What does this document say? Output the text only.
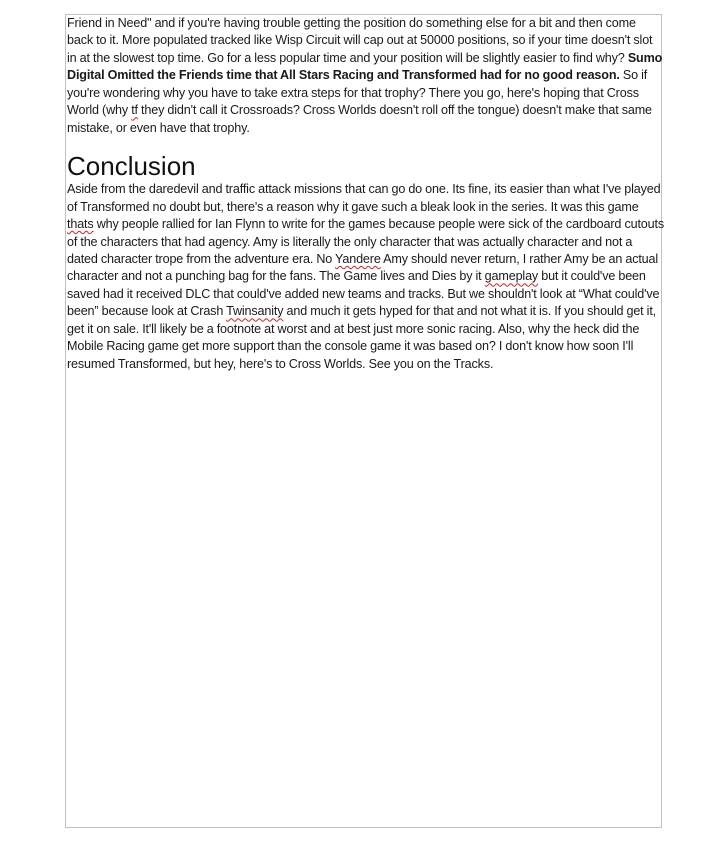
Friend in Need" and if you're having trouble getting the position do something else for a bit and then come back to it. More populated tracked like Wisp Circuit will cap out at 50000 positions, so if your time doesn't slot in at the slowest top time. Go for a less popular time and your position will be slightly easier to find why? Sumo Digital Omitted the Friends time that All Stars Racing and Transformed had for no good reason. So if you're wondering why you have to take extra steps for that trophy? There you go, here's hoping that Cross World (why tf they didn't call it Crossroads? Cross Worlds doesn't roll off the tongue) doesn't make that same mistake, or even have that trophy.

Conclusion

Aside from the daredevil and traffic attack missions that can go do one. Its fine, its easier than what I've played of Transformed no doubt but, there's a reason why it gave such a bleak look in the series. It was this game thats why people rallied for Ian Flynn to write for the games because people were sick of the cardboard cutouts of the characters that had agency. Amy is literally the only character that was actually character and not a dated character trope from the adventure era. No Yandere Amy should never return, I rather Amy be an actual character and not a punching bag for the fans. The Game lives and Dies by it gameplay but it could've been saved had it received DLC that could've added new teams and tracks. But we shouldn't look at “What could've been” because look at Crash Twinsanity and much it gets hyped for that and not what it is. If you should get it, get it on sale. It'll likely be a footnote at worst and at best just more sonic racing. Also, why the heck did the Mobile Racing game get more support than the console game it was based on? I don't know how soon I'll resumed Transformed, but hey, here's to Cross Worlds. See you on the Tracks.
